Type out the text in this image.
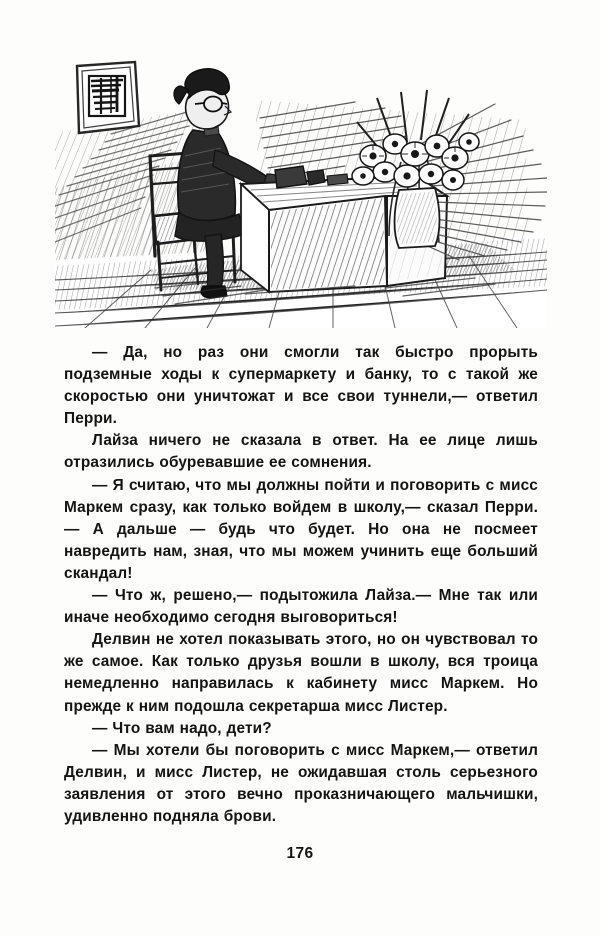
— Да, но раз они смогли так быстро прорыть подземные ходы к супермаркету и банку, то с такой же скоростью они уничтожат и все свои туннели,— ответил Перри.

Лайза ничего не сказала в ответ. На ее лице лишь отразились обуревавшие ее сомнения.

— Я считаю, что мы должны пойти и поговорить с мисс Маркем сразу, как только войдем в школу,— сказал Перри.— А дальше — будь что будет. Но она не посмеет навредить нам, зная, что мы можем учинить еще больший скандал!

— Что ж, решено,— подытожила Лайза.— Мне так или иначе необходимо сегодня выговориться!

Делвин не хотел показывать этого, но он чувствовал то же самое. Как только друзья вошли в школу, вся троица немедленно направилась к кабинету мисс Маркем. Но прежде к ним подошла секретарша мисс Листер.

— Что вам надо, дети?

— Мы хотели бы поговорить с мисс Маркем,— ответил Делвин, и мисс Листер, не ожидавшая столь серьезного заявления от этого вечно проказничающего мальчишки, удивленно подняла брови.

176
